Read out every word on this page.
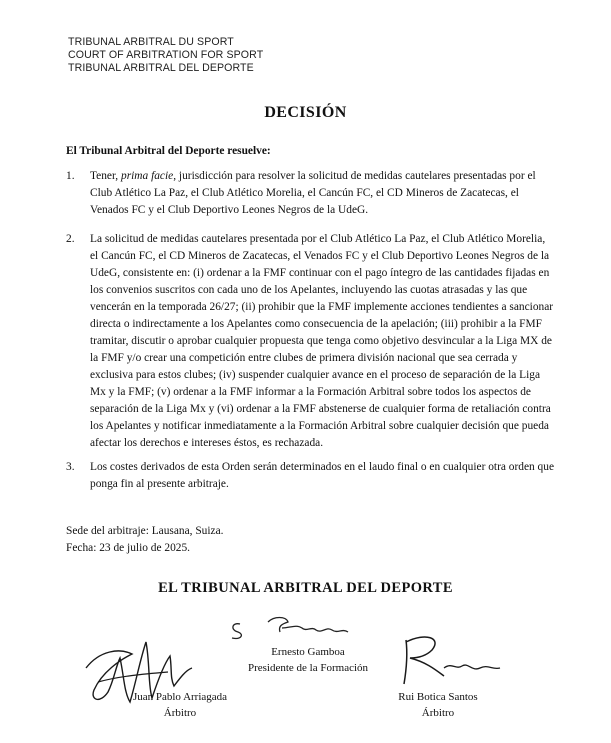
TRIBUNAL ARBITRAL DU SPORT
COURT OF ARBITRATION FOR SPORT
TRIBUNAL ARBITRAL DEL DEPORTE
DECISIÓN
El Tribunal Arbitral del Deporte resuelve:
1. Tener, prima facie, jurisdicción para resolver la solicitud de medidas cautelares presentadas por el Club Atlético La Paz, el Club Atlético Morelia, el Cancún FC, el CD Mineros de Zacatecas, el Venados FC y el Club Deportivo Leones Negros de la UdeG.
2. La solicitud de medidas cautelares presentada por el Club Atlético La Paz, el Club Atlético Morelia, el Cancún FC, el CD Mineros de Zacatecas, el Venados FC y el Club Deportivo Leones Negros de la UdeG, consistente en: (i) ordenar a la FMF continuar con el pago íntegro de las cantidades fijadas en los convenios suscritos con cada uno de los Apelantes, incluyendo las cuotas atrasadas y las que vencerán en la temporada 26/27; (ii) prohibir que la FMF implemente acciones tendientes a sancionar directa o indirectamente a los Apelantes como consecuencia de la apelación; (iii) prohibir a la FMF tramitar, discutir o aprobar cualquier propuesta que tenga como objetivo desvincular a la Liga MX de la FMF y/o crear una competición entre clubes de primera división nacional que sea cerrada y exclusiva para estos clubes; (iv) suspender cualquier avance en el proceso de separación de la Liga Mx y la FMF; (v) ordenar a la FMF informar a la Formación Arbitral sobre todos los aspectos de separación de la Liga Mx y (vi) ordenar a la FMF abstenerse de cualquier forma de retaliación contra los Apelantes y notificar inmediatamente a la Formación Arbitral sobre cualquier decisión que pueda afectar los derechos e intereses éstos, es rechazada.
3. Los costes derivados de esta Orden serán determinados en el laudo final o en cualquier otra orden que ponga fin al presente arbitraje.
Sede del arbitraje: Lausana, Suiza.
Fecha: 23 de julio de 2025.
EL TRIBUNAL ARBITRAL DEL DEPORTE
Ernesto Gamboa
Presidente de la Formación
Juan Pablo Arriagada
Árbitro
Rui Botica Santos
Árbitro
